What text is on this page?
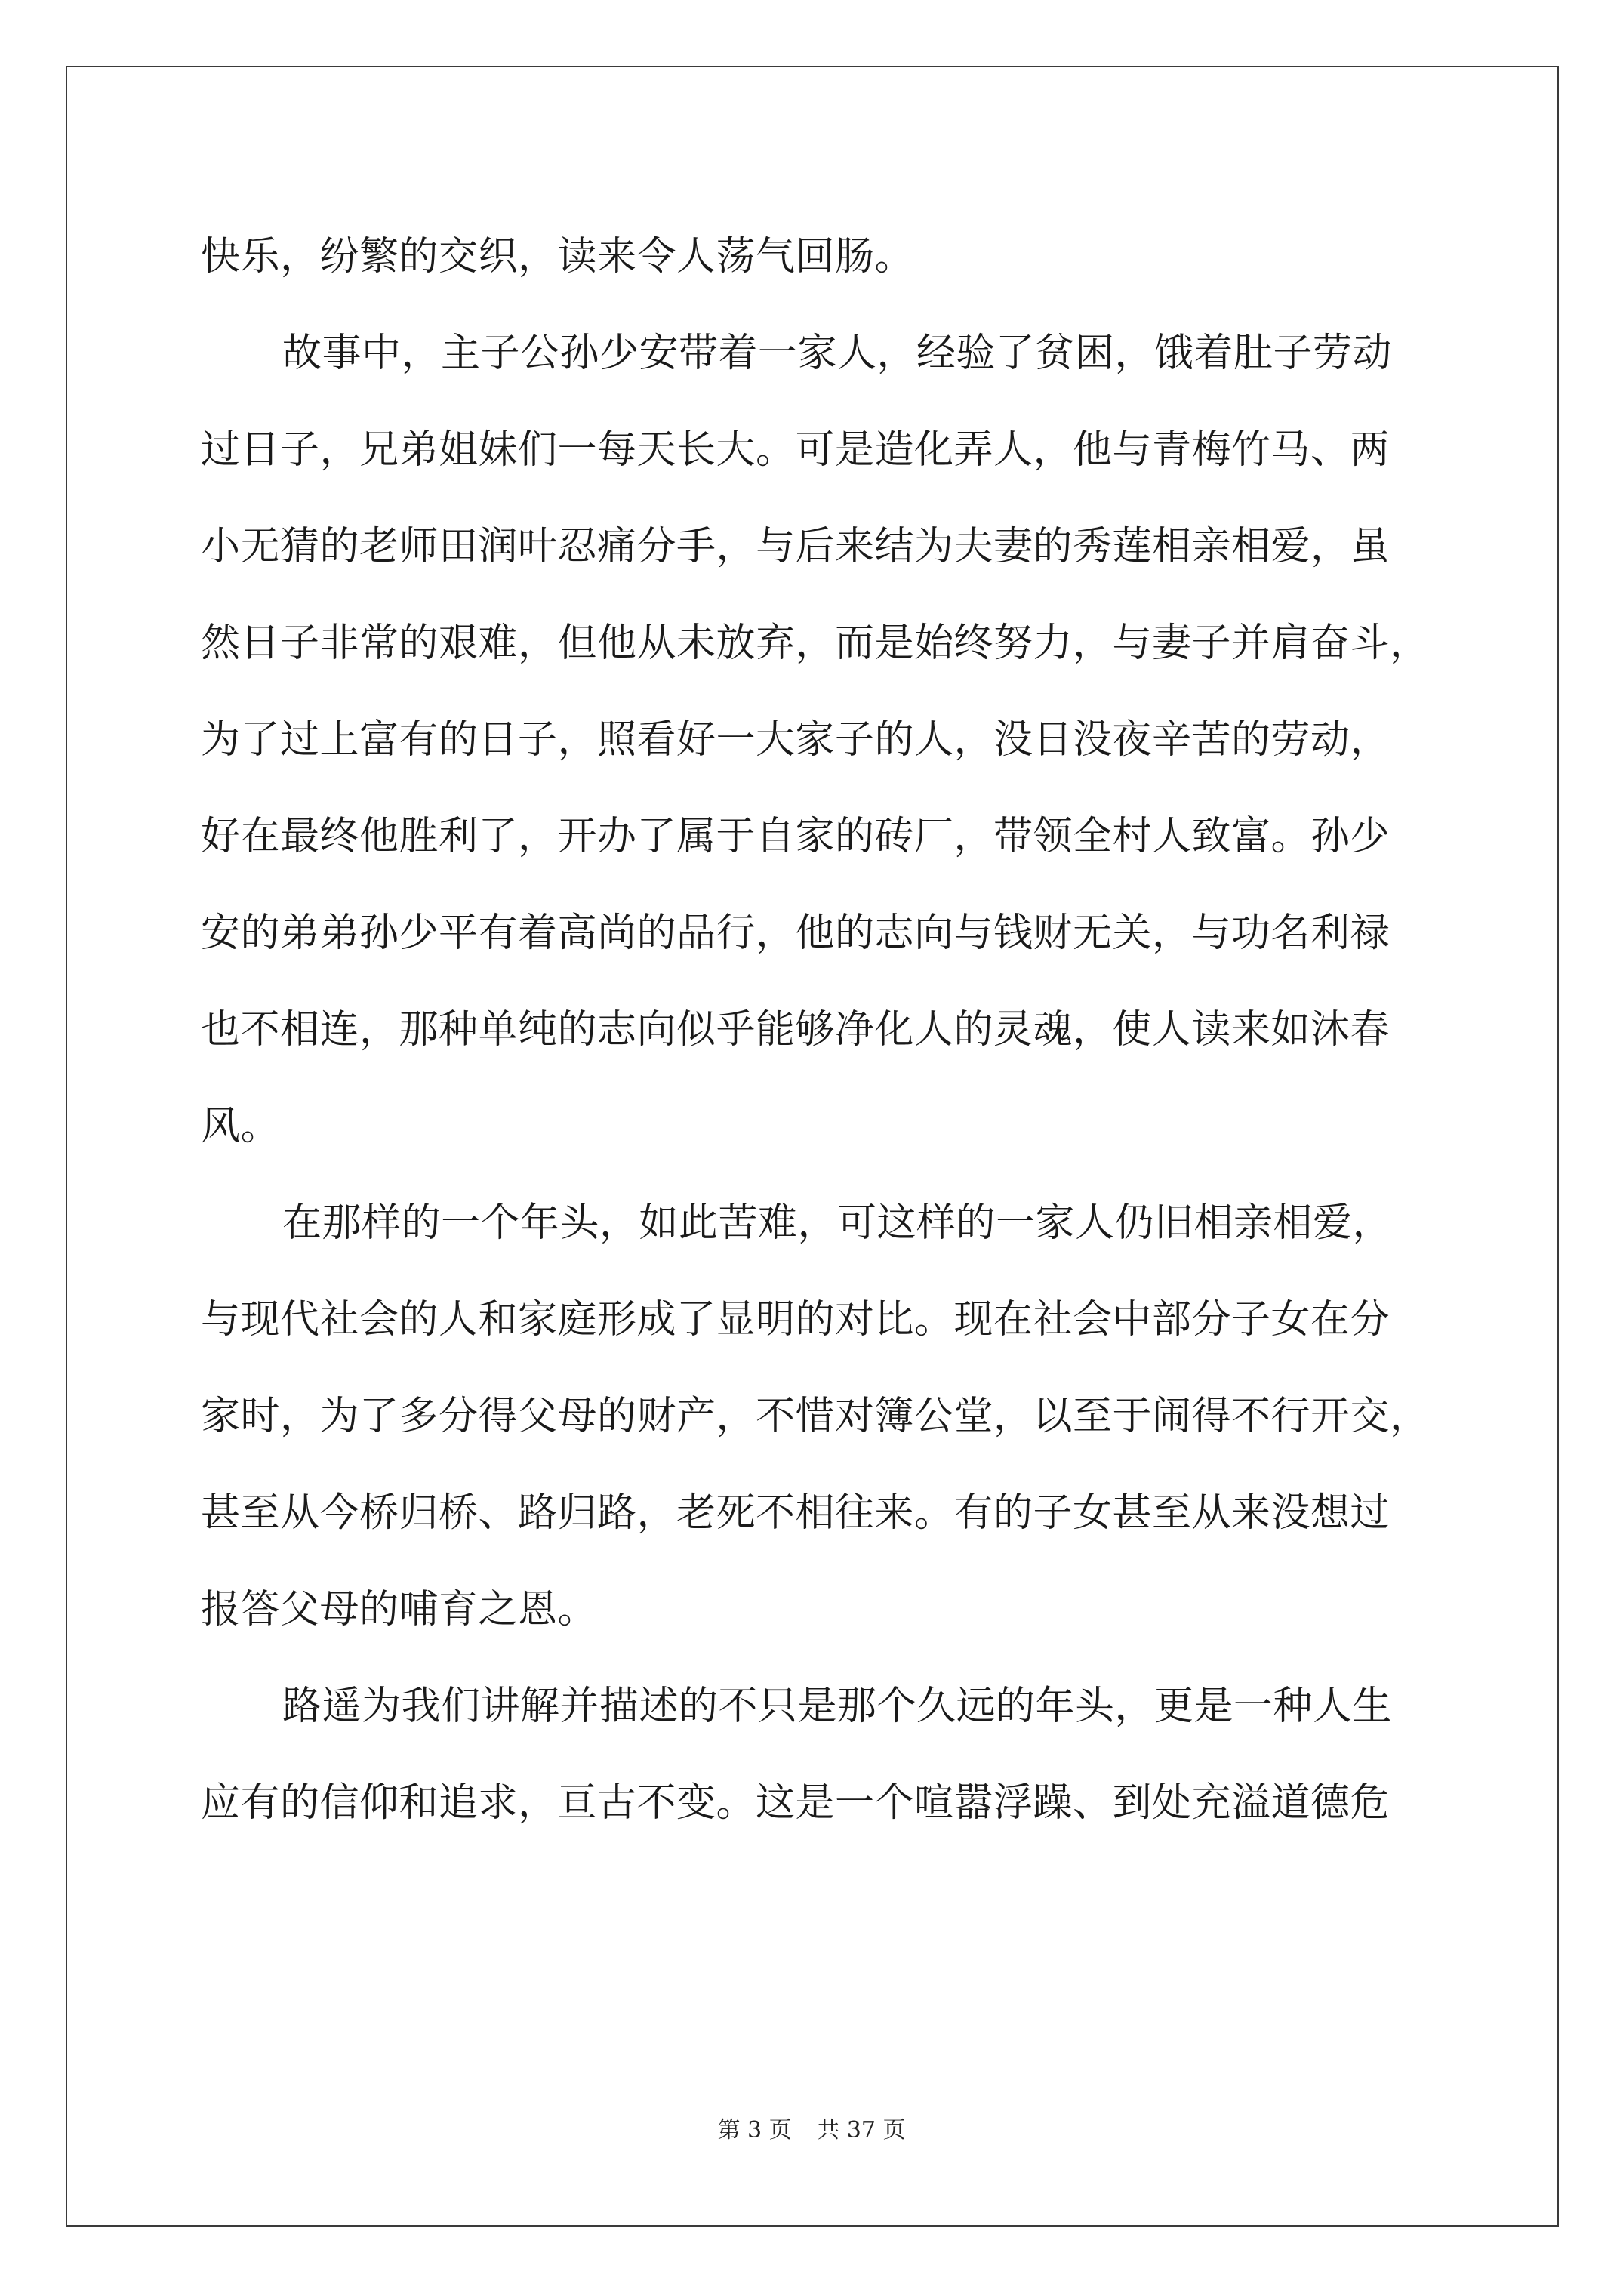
快乐，纷繁的交织，读来令人荡气回肠。
故事中，主子公孙少安带着一家人，经验了贫困，饿着肚子劳动
过日子，兄弟姐妹们一每天长大。可是造化弄人，他与青梅竹马、两
小无猜的老师田润叶忍痛分手，与后来结为夫妻的秀莲相亲相爱，虽
然日子非常的艰难，但他从未放弃，而是始终努力，与妻子并肩奋斗，
为了过上富有的日子，照看好一大家子的人，没日没夜辛苦的劳动，
好在最终他胜利了，开办了属于自家的砖厂，带领全村人致富。孙少
安的弟弟孙少平有着高尚的品行，他的志向与钱财无关，与功名利禄
也不相连，那种单纯的志向似乎能够净化人的灵魂，使人读来如沐春
风。
在那样的一个年头，如此苦难，可这样的一家人仍旧相亲相爱，
与现代社会的人和家庭形成了显明的对比。现在社会中部分子女在分
家时，为了多分得父母的财产，不惜对簿公堂，以至于闹得不行开交，
甚至从今桥归桥、路归路，老死不相往来。有的子女甚至从来没想过
报答父母的哺育之恩。
路遥为我们讲解并描述的不只是那个久远的年头，更是一种人生
应有的信仰和追求，亘古不变。这是一个喧嚣浮躁、到处充溢道德危
第 3 页 共 37 页
